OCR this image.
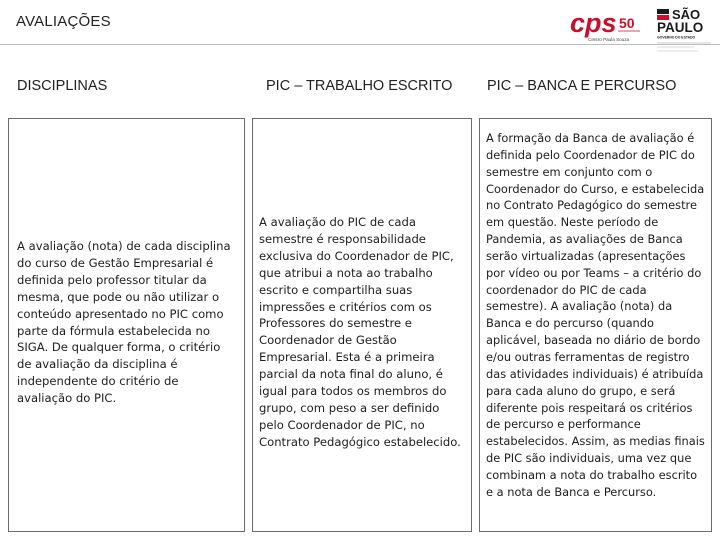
AVALIAÇÕES	cps 50
Centro Paula Souza
SÃO
PAULO
GOVERNO DO ESTADO
DISCIPLINAS	PIC – TRABALHO ESCRITO PIC – BANCA E PERCURSO
A avaliação (nota) de cada disciplina do curso de Gestão Empresarial é definida pelo professor titular da mesma, que pode ou não utilizar o conteúdo apresentado no PIC como parte da fórmula estabelecida no SIGA. De qualquer forma, o critério de avaliação da disciplina é independente do critério de avaliação do PIC.
A avaliação do PIC de cada semestre é responsabilidade exclusiva do Coordenador de PIC, que atribui a nota ao trabalho escrito e compartilha suas impressões e critérios com os Professores do semestre e Coordenador de Gestão Empresarial. Esta é a primeira parcial da nota final do aluno, é igual para todos os membros do grupo, com peso a ser definido pelo Coordenador de PIC, no Contrato Pedagógico estabelecido.
A formação da Banca de avaliação é definida pelo Coordenador de PIC do semestre em conjunto com o Coordenador do Curso, e estabelecida no Contrato Pedagógico do semestre em questão. Neste período de Pandemia, as avaliações de Banca serão virtualizadas (apresentações por vídeo ou por Teams – a critério do coordenador do PIC de cada semestre). A avaliação (nota) da Banca e do percurso (quando aplicável, baseada no diário de bordo e/ou outras ferramentas de registro das atividades individuais) é atribuída para cada aluno do grupo, e será diferente pois respeitará os critérios de percurso e performance estabelecidos. Assim, as medias finais de PIC são individuais, uma vez que combinam a nota do trabalho escrito e a nota de Banca e Percurso.
